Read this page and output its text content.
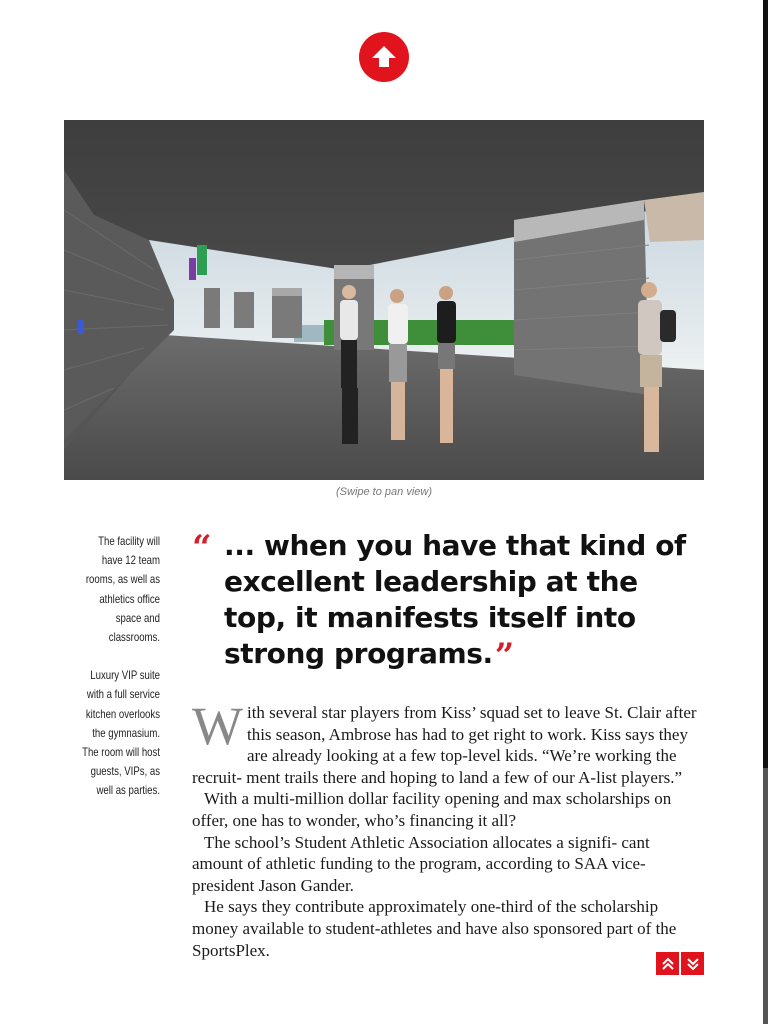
(Swipe to pan view)

The facility will have 12 team rooms, as well as athletics office space and classrooms.

Luxury VIP suite with a full service kitchen overlooks the gymnasium. The room will host guests, VIPs, as well as parties.

“ ... when you have that kind of excellent leadership at the top, it manifests itself into strong programs.”

With several star players from Kiss’ squad set to leave St. Clair after this season, Ambrose has had to get right to work. Kiss says they are already looking at a few top-level kids. “We’re working the recruit- ment trails there and hoping to land a few of our A-list players.”

With a multi-million dollar facility opening and max scholarships on offer, one has to wonder, who’s financing it all?

The school’s Student Athletic Association allocates a signifi- cant amount of athletic funding to the program, according to SAA vice-president Jason Gander.

He says they contribute approximately one-third of the scholarship money available to student-athletes and have also sponsored part of the SportsPlex.
